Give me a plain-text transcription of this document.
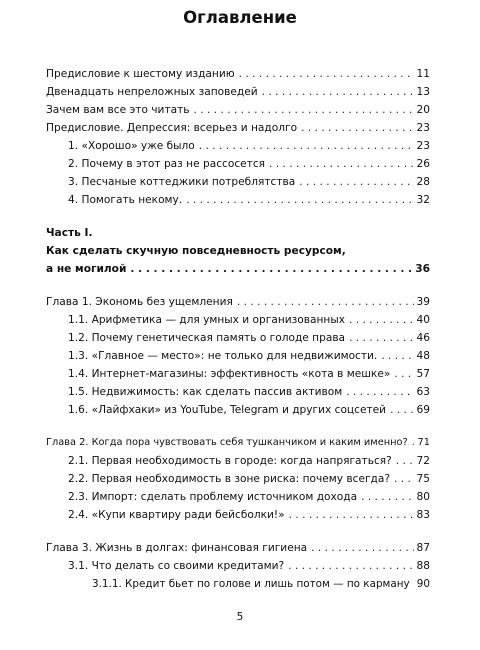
Оглавление
Предисловие к шестому изданию . . .	11
Двенадцать непреложных заповедей . . .	13
Зачем вам все это читать . . .	20
Предисловие. Депрессия: всерьез и надолго . . .	23
1. «Хорошо» уже было . . .	23
2. Почему в этот раз не рассосется . . .	26
3. Песчаные коттеджики потреблятства . . .	28
4. Помогать некому. . . .	32
Часть I.
Как сделать скучную повседневность ресурсом,
а не могилой . . .	36
Глава 1. Экономь без ущемления . . .	39
1.1. Арифметика — для умных и организованных . . .	40
1.2. Почему генетическая память о голоде права . . .	46
1.3. «Главное — место»: не только для недвижимости. . . .	48
1.4. Интернет-магазины: эффективность «кота в мешке» . . . 57
1.5. Недвижимость: как сделать пассив активом . . .	63
1.6. «Лайфхаки» из YouTube, Telegram и других соцсетей . . .	69
Глава 2. Когда пора чувствовать себя тушканчиком и каким именно? . . . 71
2.1. Первая необходимость в городе: когда напрягаться? . . . 72
2.2. Первая необходимость в зоне риска: почему всегда? . . .	75
2.3. Импорт: сделать проблему источником дохода . . .	80
2.4. «Купи квартиру ради бейсболки!» . . .	83
Глава 3. Жизнь в долгах: финансовая гигиена . . .	87
3.1. Что делать со своими кредитами? . . .	88
3.1.1. Кредит бьет по голове и лишь потом — по карману . . . 90
5
